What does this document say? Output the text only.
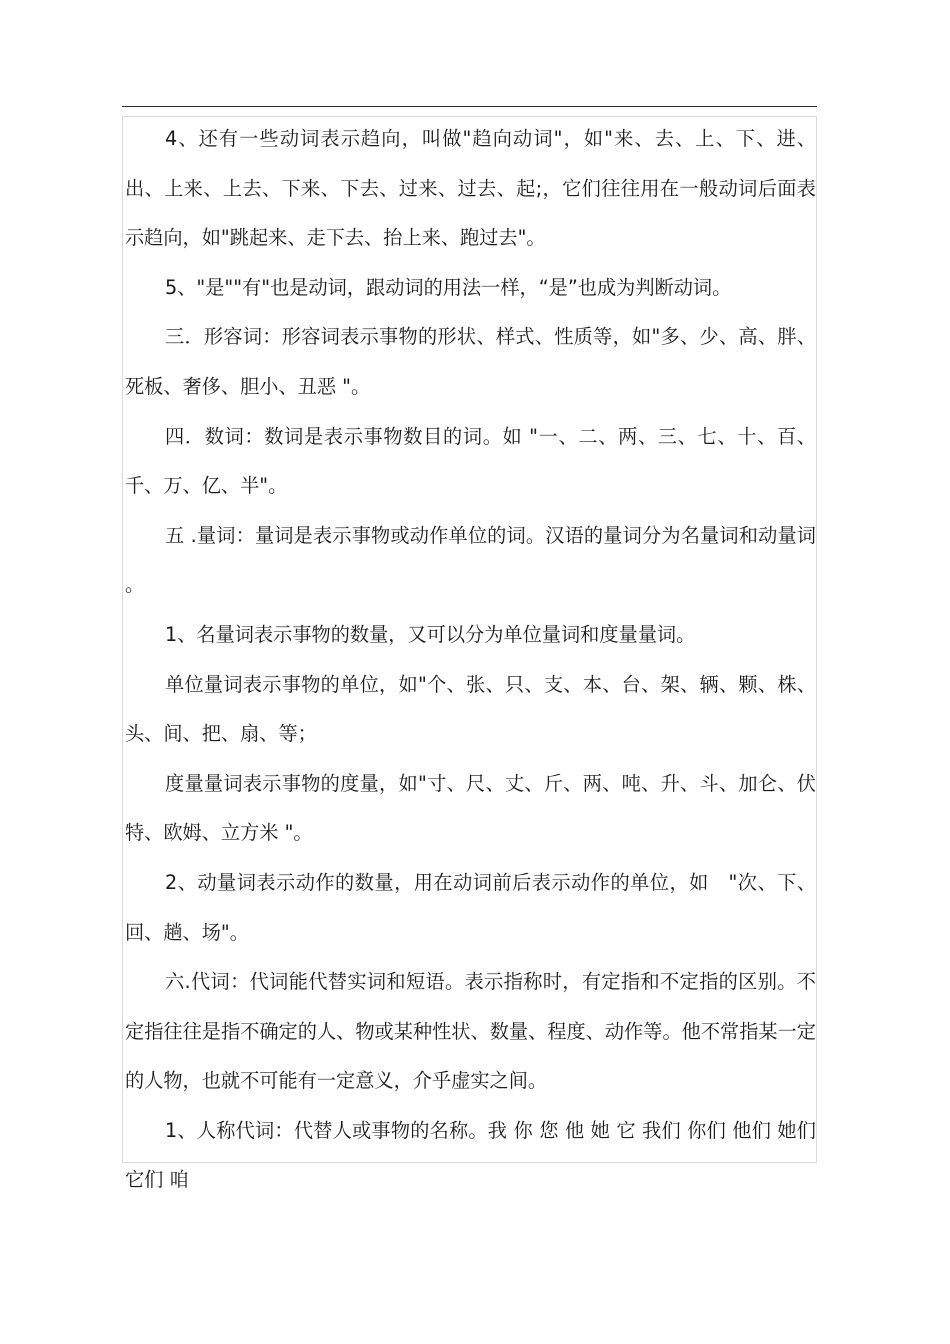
4、还有一些动词表示趋向，叫做"趋向动词"，如"来、去、上、下、进、出、上来、上去、下来、下去、过来、过去、起;，它们往往用在一般动词后面表示趋向，如"跳起来、走下去、抬上来、跑过去"。

5、"是""有"也是动词，跟动词的用法一样，“是”也成为判断动词。

三．形容词：形容词表示事物的形状、样式、性质等，如"多、少、高、胖、死板、奢侈、胆小、丑恶 "。

四．数词：数词是表示事物数目的词。如 "一、二、两、三、七、十、百、千、万、亿、半"。

五 .量词：量词是表示事物或动作单位的词。汉语的量词分为名量词和动量词 。

1、名量词表示事物的数量，又可以分为单位量词和度量量词。

单位量词表示事物的单位，如"个、张、只、支、本、台、架、辆、颗、株、头、间、把、扇、等；

度量量词表示事物的度量，如"寸、尺、丈、斤、两、吨、升、斗、加仑、伏特、欧姆、立方米 "。

2、动量词表示动作的数量，用在动词前后表示动作的单位，如　"次、下、回、趟、场"。

六.代词：代词能代替实词和短语。表示指称时，有定指和不定指的区别。不定指往往是指不确定的人、物或某种性状、数量、程度、动作等。他不常指某一定的人物，也就不可能有一定意义，介乎虚实之间。

1、人称代词：代替人或事物的名称。我 你 您 他 她 它 我们 你们 他们 她们 它们 咱
